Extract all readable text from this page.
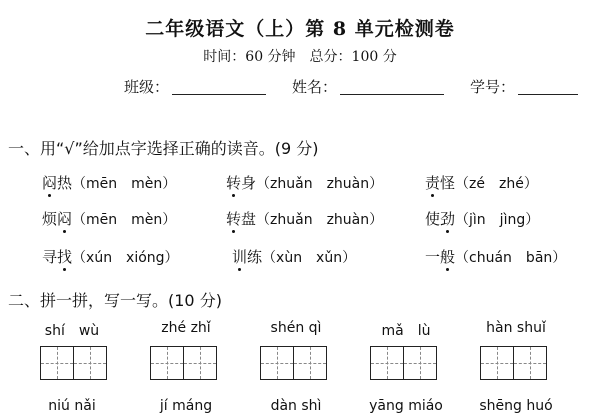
二年级语文（上）第 8 单元检测卷
时间：60 分钟　总分：100 分
班级：	姓名：	学号：
一、用“√”给加点字选择正确的读音。(9 分)
闷热（mēn　mèn）	转身（zhuǎn　zhuàn）	责怪（zé　zhé）
烦闷（mēn　mèn）	转盘（zhuǎn　zhuàn）	使劲（jìn　jìng）
寻找（xún　xióng）	训练（xùn　xǔn）	一般（chuán　bān）
二、拼一拼，写一写。(10 分)
shí　wù	zhé zhǐ	shén qì	mǎ　lù	hàn shuǐ
niú nǎi	jí máng	dàn shì	yāng miáo	shēng huó
